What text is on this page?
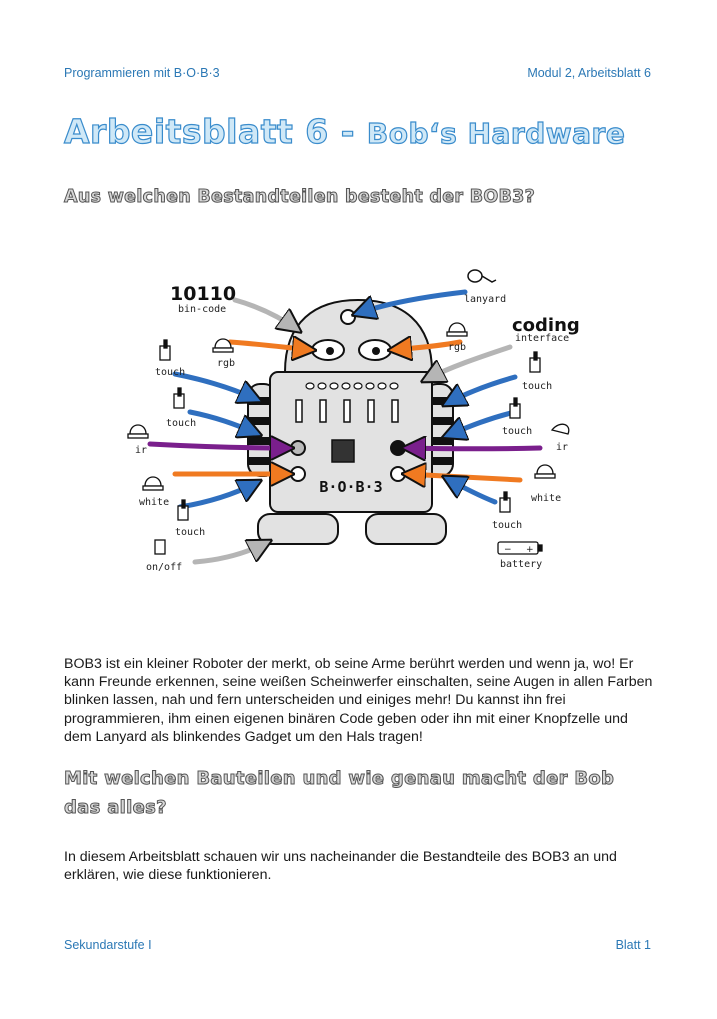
Programmieren mit B·O·B·3	Modul 2, Arbeitsblatt 6
Arbeitsblatt 6 - Bob‘s Hardware
Aus welchen Bestandteilen besteht der BOB3?
B·O·B·3
− +
10110
bin-code
lanyard
coding
interface
rgb
rgb
touch
touch
touch
touch
touch
touch
ir	ir
white	white
on/off	battery
BOB3 ist ein kleiner Roboter der merkt, ob seine Arme berührt werden und wenn ja, wo! Er kann Freunde erkennen, seine weißen Scheinwerfer einschalten, seine Augen in allen Farben blinken lassen, nah und fern unterscheiden und einiges mehr! Du kannst ihn frei programmieren, ihm einen eigenen binären Code geben oder ihn mit einer Knopfzelle und dem Lanyard als blinkendes Gadget um den Hals tragen!
Mit welchen Bauteilen und wie genau macht der Bob das alles?
In diesem Arbeitsblatt schauen wir uns nacheinander die Bestandteile des BOB3 an und erklären, wie diese funktionieren.
Sekundarstufe I	Blatt 1
